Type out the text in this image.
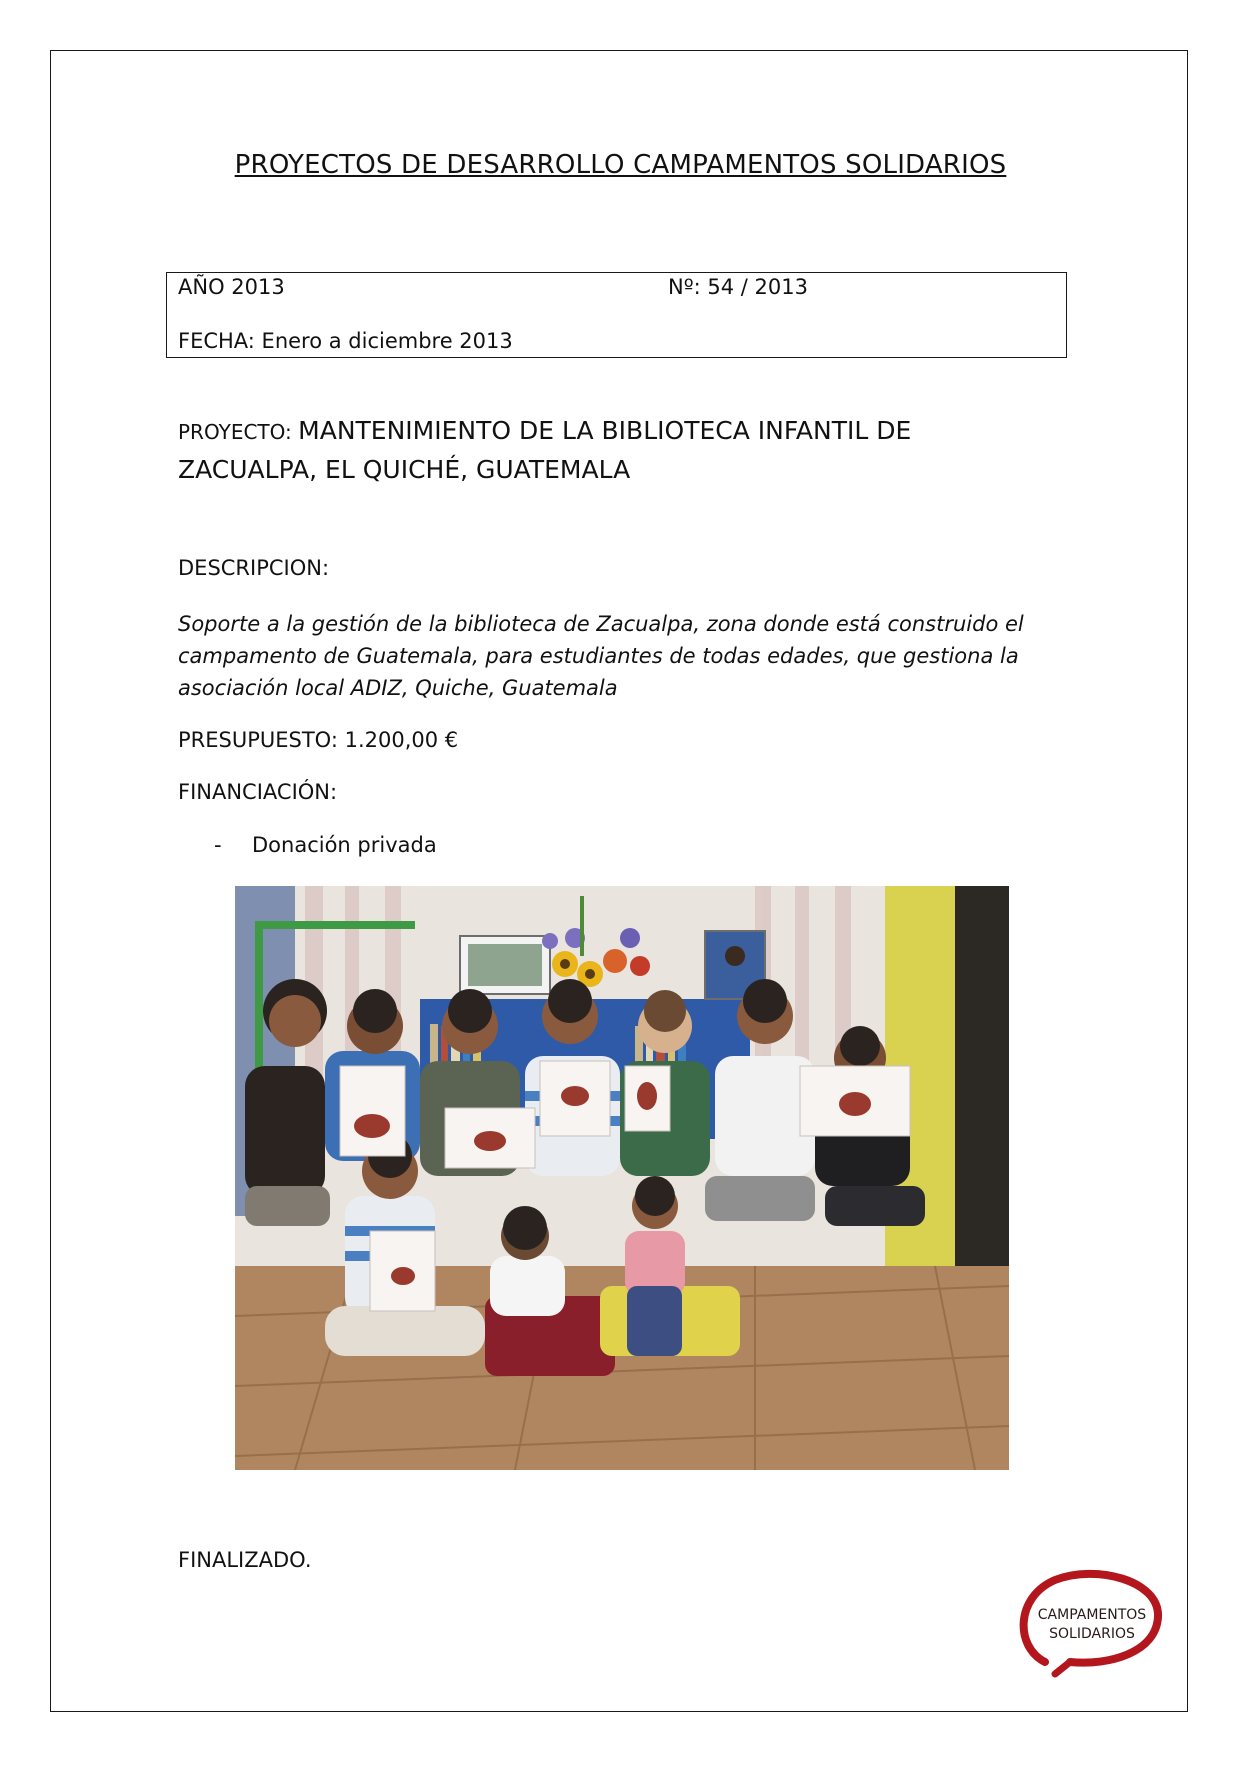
PROYECTOS DE DESARROLLO CAMPAMENTOS SOLIDARIOS
AÑO 2013	Nº: 54 / 2013
FECHA: Enero a diciembre 2013
PROYECTO: MANTENIMIENTO DE LA BIBLIOTECA INFANTIL DE ZACUALPA, EL QUICHÉ, GUATEMALA
DESCRIPCION:
Soporte a la gestión de la biblioteca de Zacualpa, zona donde está construido el campamento de Guatemala, para estudiantes de todas edades, que gestiona la asociación local ADIZ, Quiche, Guatemala
PRESUPUESTO: 1.200,00 €
FINANCIACIÓN:
- Donación privada
FINALIZADO.
CAMPAMENTOS
SOLIDARIOS
